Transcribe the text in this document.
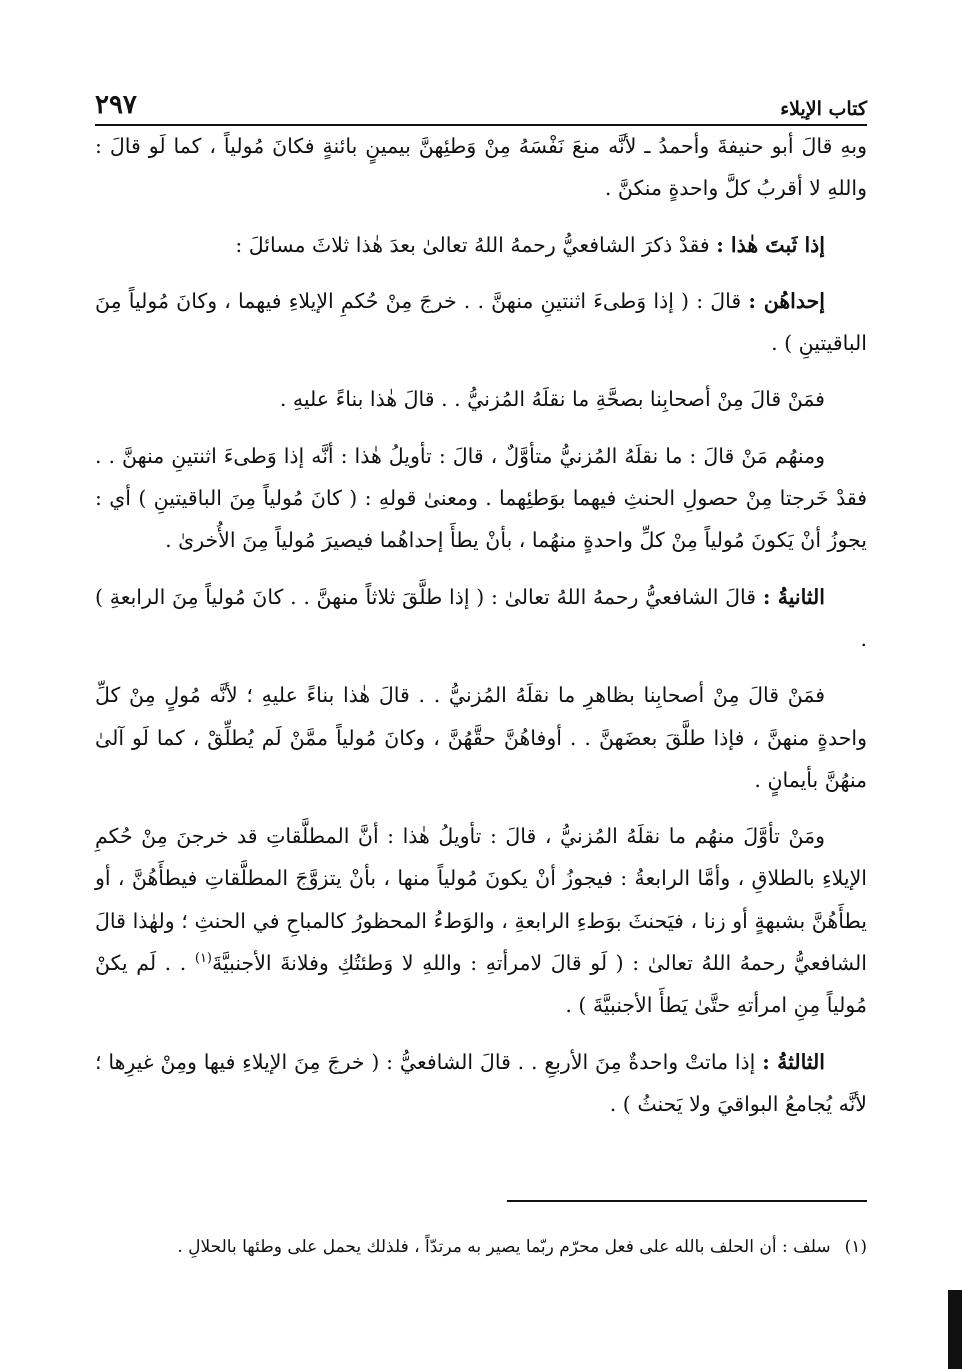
كتاب الإيلاء
٢٩٧

وبهِ قالَ أبو حنيفةَ وأحمدُ ـ لأنَّه منعَ نَفْسَهُ مِنْ وَطئِهنَّ بيمينٍ بائنةٍ فكانَ مُولياً ، كما لَو قالَ : واللهِ لا أقربُ كلَّ واحدةٍ منكنَّ .

إذا ثَبتَ هٰذا : فقدْ ذكرَ الشافعيُّ رحمهُ اللهُ تعالىٰ بعدَ هٰذا ثلاثَ مسائلَ :

إحداهُن : قالَ : ( إذا وَطىءَ اثنتينِ منهنَّ . . خرجَ مِنْ حُكمِ الإيلاءِ فيهما ، وكانَ مُولياً مِنَ الباقيتينِ ) .

فمَنْ قالَ مِنْ أصحابِنا بصحَّةِ ما نقلَهُ المُزنيُّ . . قالَ هٰذا بناءً عليهِ .

ومنهُم مَنْ قالَ : ما نقلَهُ المُزنيُّ متأوَّلٌ ، قالَ : تأويلُ هٰذا : أنَّه إذا وَطىءَ اثنتينِ منهنَّ . . فقدْ خَرجتا مِنْ حصولِ الحنثِ فيهما بوَطئِهما . ومعنىٰ قولهِ : ( كانَ مُولياً مِنَ الباقيتينِ ) أي : يجوزُ أنْ يَكونَ مُولياً مِنْ كلِّ واحدةٍ منهُما ، بأنْ يطأَ إحداهُما فيصيرَ مُولياً مِنَ الأُخرىٰ .

الثانيةُ : قالَ الشافعيُّ رحمهُ اللهُ تعالىٰ : ( إذا طلَّقَ ثلاثاً منهنَّ . . كانَ مُولياً مِنَ الرابعةِ ) .

فمَنْ قالَ مِنْ أصحابِنا بظاهرِ ما نقلَهُ المُزنيُّ . . قالَ هٰذا بناءً عليهِ ؛ لأنَّه مُولٍ مِنْ كلِّ واحدةٍ منهنَّ ، فإذا طلَّقَ بعضَهنَّ . . أوفاهُنَّ حقَّهُنَّ ، وكانَ مُولياً ممَّنْ لَم يُطلِّقْ ، كما لَو آلىٰ منهُنَّ بأيمانٍ .

ومَنْ تأوَّلَ منهُم ما نقلَهُ المُزنيُّ ، قالَ : تأويلُ هٰذا : أنَّ المطلَّقاتِ قد خرجنَ مِنْ حُكمِ الإيلاءِ بالطلاقِ ، وأمَّا الرابعةُ : فيجوزُ أنْ يكونَ مُولياً منها ، بأنْ يتزوَّجَ المطلَّقاتِ فيطأَهُنَّ ، أو يطأَهُنَّ بشبهةٍ أو زنا ، فيَحنثَ بوَطءِ الرابعةِ ، والوَطءُ المحظورُ كالمباحِ في الحنثِ ؛ ولهٰذا قالَ الشافعيُّ رحمهُ اللهُ تعالىٰ : ( لَو قالَ لامرأتهِ : واللهِ لا وَطئتُكِ وفلانةَ الأجنبيَّةَ$^{(١)}$ . . لَم يكنْ مُولياً مِنِ امرأتهِ حتَّىٰ يَطأَ الأجنبيَّةَ ) .

الثالثةُ : إذا ماتتْ واحدةٌ مِنَ الأربعِ . . قالَ الشافعيُّ : ( خرجَ مِنَ الإيلاءِ فيها ومِنْ غيرِها ؛ لأنَّه يُجامعُ البواقيَ ولا يَحنثُ ) .

(١)سلف : أن الحلف بالله على فعل محرّم ربّما يصير به مرتدّاً ، فلذلك يحمل على وطئها بالحلالِ .
